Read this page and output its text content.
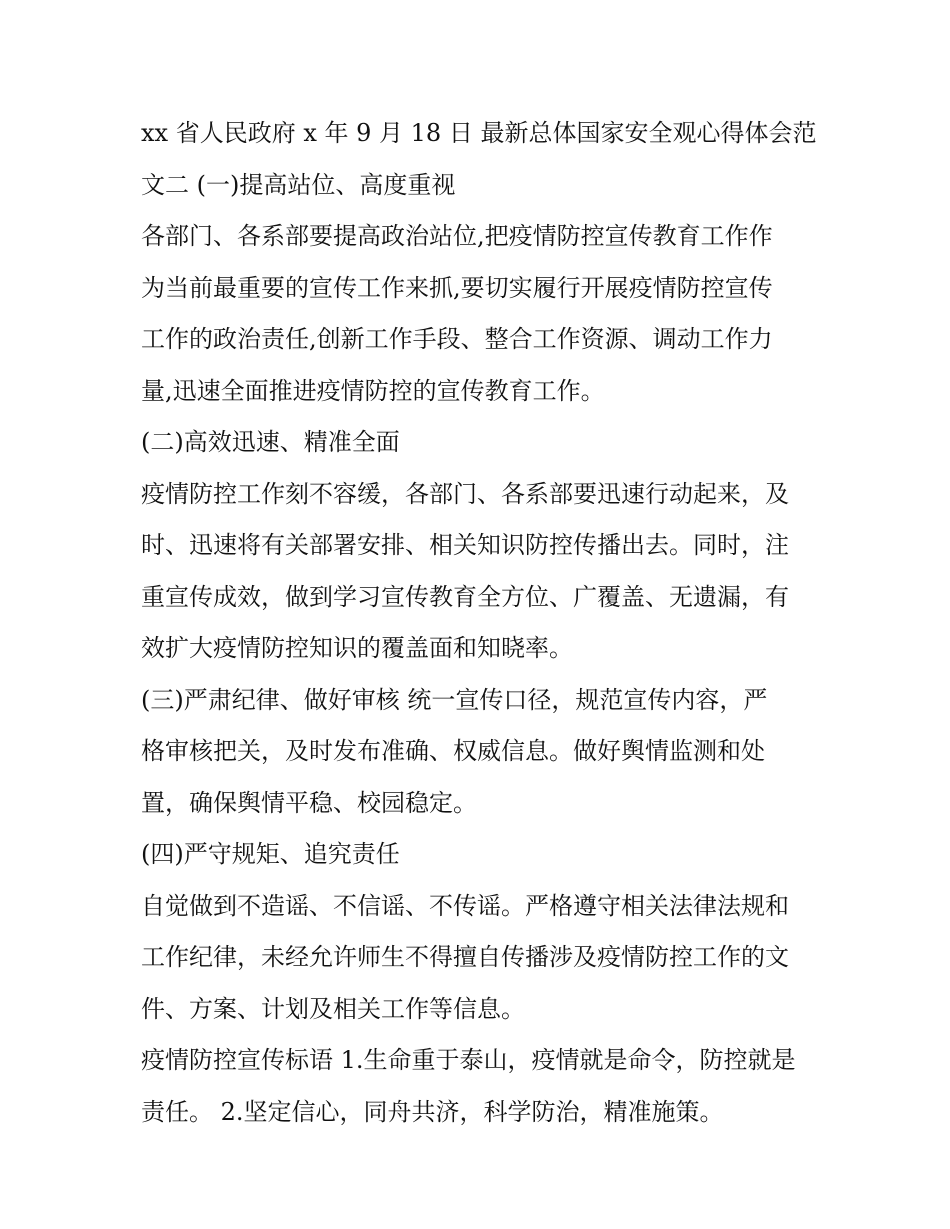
xx 省人民政府 x 年 9 月 18 日 最新总体国家安全观心得体会范
文二 (一)提高站位、高度重视
各部门、各系部要提高政治站位,把疫情防控宣传教育工作作
为当前最重要的宣传工作来抓,要切实履行开展疫情防控宣传
工作的政治责任,创新工作手段、整合工作资源、调动工作力
量,迅速全面推进疫情防控的宣传教育工作。
(二)高效迅速、精准全面
疫情防控工作刻不容缓，各部门、各系部要迅速行动起来，及
时、迅速将有关部署安排、相关知识防控传播出去。同时，注
重宣传成效，做到学习宣传教育全方位、广覆盖、无遗漏，有
效扩大疫情防控知识的覆盖面和知晓率。
(三)严肃纪律、做好审核 统一宣传口径，规范宣传内容，严
格审核把关，及时发布准确、权威信息。做好舆情监测和处
置，确保舆情平稳、校园稳定。
(四)严守规矩、追究责任
自觉做到不造谣、不信谣、不传谣。严格遵守相关法律法规和
工作纪律，未经允许师生不得擅自传播涉及疫情防控工作的文
件、方案、计划及相关工作等信息。
疫情防控宣传标语 1.生命重于泰山，疫情就是命令，防控就是
责任。 2.坚定信心，同舟共济，科学防治，精准施策。
